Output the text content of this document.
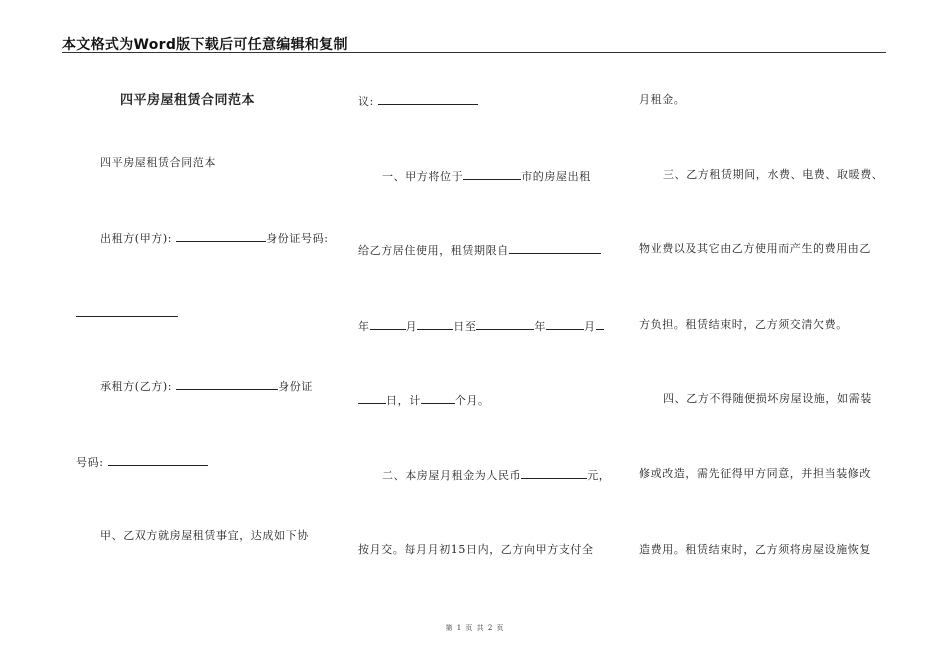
本文格式为Word版下载后可任意编辑和复制
四平房屋租赁合同范本
四平房屋租赁合同范本
出租方(甲方):	身份证号码:
承租方(乙方):	身份证
号码:
甲、乙双方就房屋租赁事宜，达成如下协
议:
一、甲方将位于	市的房屋出租
给乙方居住使用，租赁期限自
年	月	日至	年	月
日，计	个月。
二、本房屋月租金为人民币	元，
按月交。每月月初15日内，乙方向甲方支付全
月租金。
三、乙方租赁期间，水费、电费、取暖费、
物业费以及其它由乙方使用而产生的费用由乙
方负担。租赁结束时，乙方须交清欠费。
四、乙方不得随便损坏房屋设施，如需装
修或改造，需先征得甲方同意，并担当装修改
造费用。租赁结束时，乙方须将房屋设施恢复
第 1 页 共 2 页
